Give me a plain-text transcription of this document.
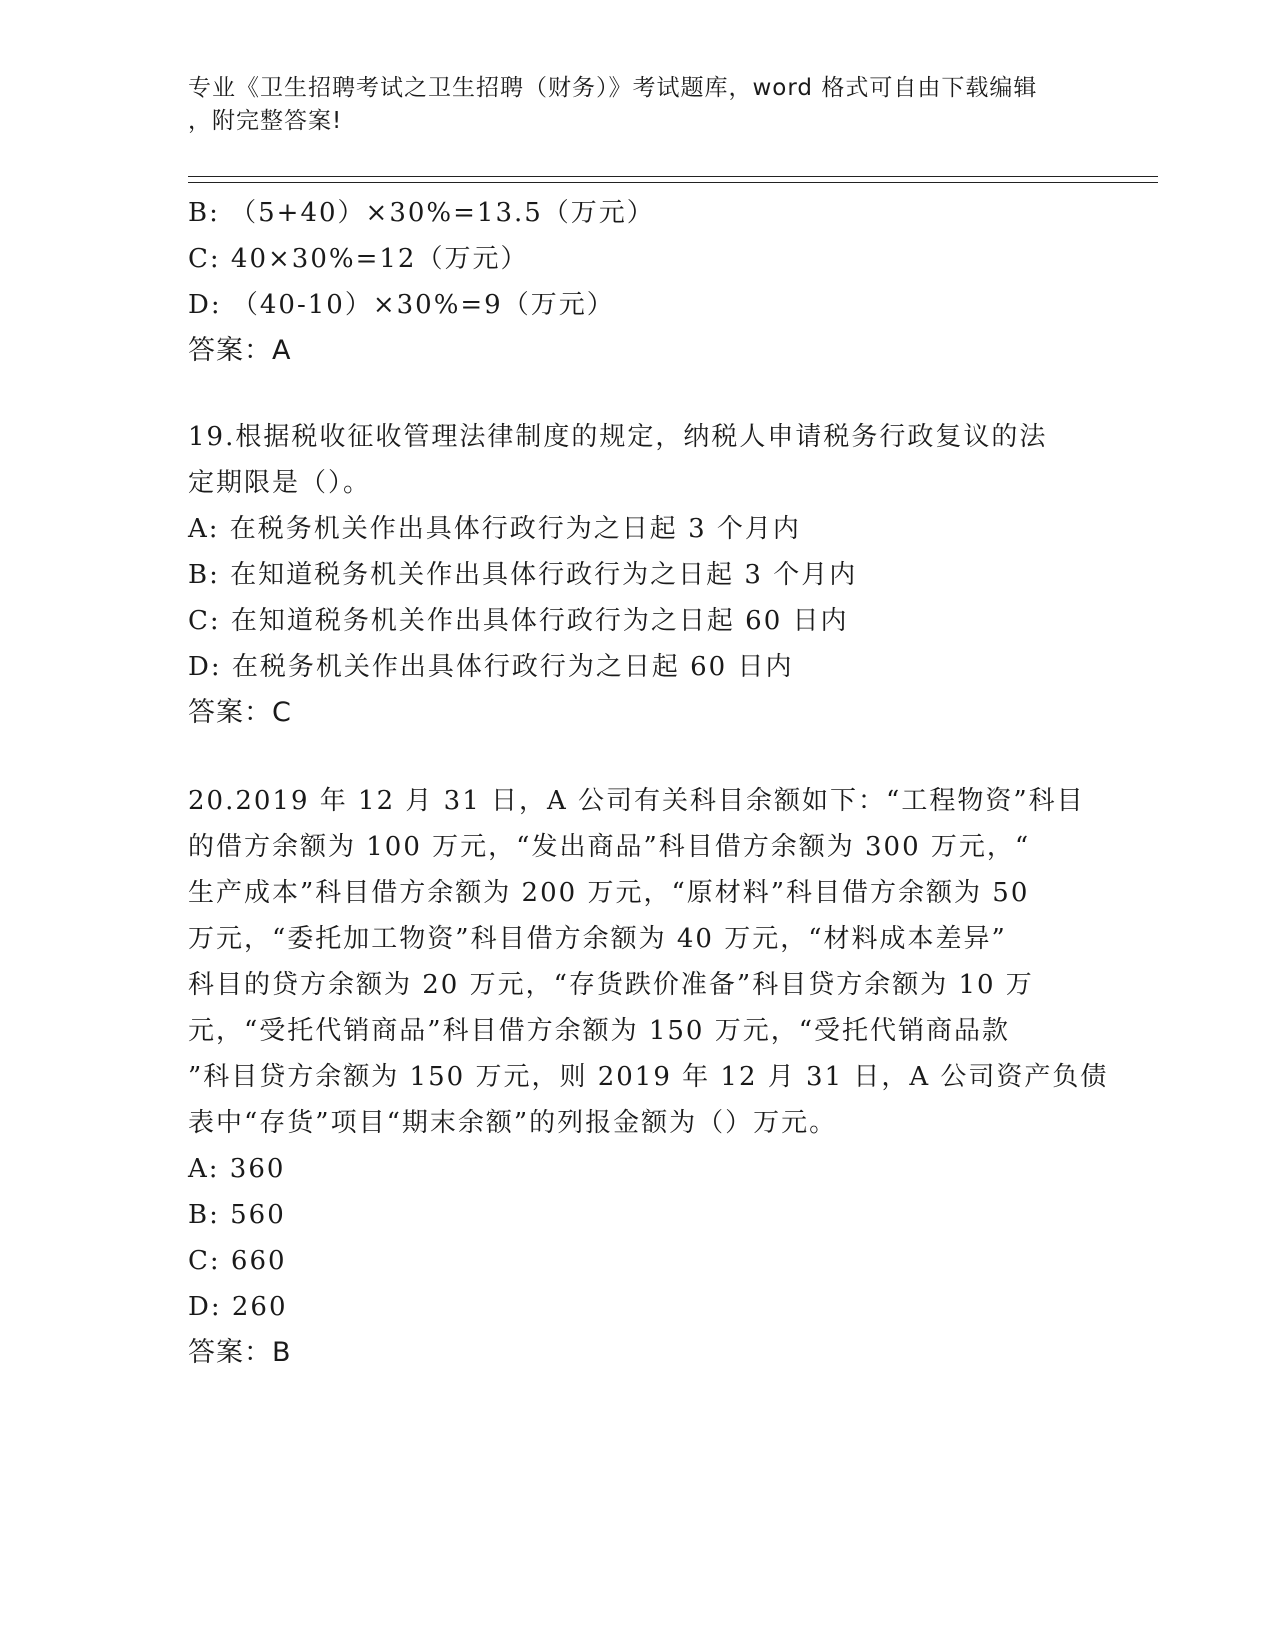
专业《卫生招聘考试之卫生招聘（财务）》考试题库，word 格式可自由下载编辑
，附完整答案!
B: （5+40）×30%=13.5（万元）
C: 40×30%=12（万元）
D: （40-10）×30%=9（万元）
答案：A
19.根据税收征收管理法律制度的规定，纳税人申请税务行政复议的法
定期限是（）。
A: 在税务机关作出具体行政行为之日起 3 个月内
B: 在知道税务机关作出具体行政行为之日起 3 个月内
C: 在知道税务机关作出具体行政行为之日起 60 日内
D: 在税务机关作出具体行政行为之日起 60 日内
答案：C
20.2019 年 12 月 31 日，A 公司有关科目余额如下：“工程物资”科目
的借方余额为 100 万元，“发出商品”科目借方余额为 300 万元，“
生产成本”科目借方余额为 200 万元，“原材料”科目借方余额为 50
万元，“委托加工物资”科目借方余额为 40 万元，“材料成本差异”
科目的贷方余额为 20 万元，“存货跌价准备”科目贷方余额为 10 万
元，“受托代销商品”科目借方余额为 150 万元，“受托代销商品款
”科目贷方余额为 150 万元，则 2019 年 12 月 31 日，A 公司资产负债
表中“存货”项目“期末余额”的列报金额为（）万元。
A: 360
B: 560
C: 660
D: 260
答案：B
